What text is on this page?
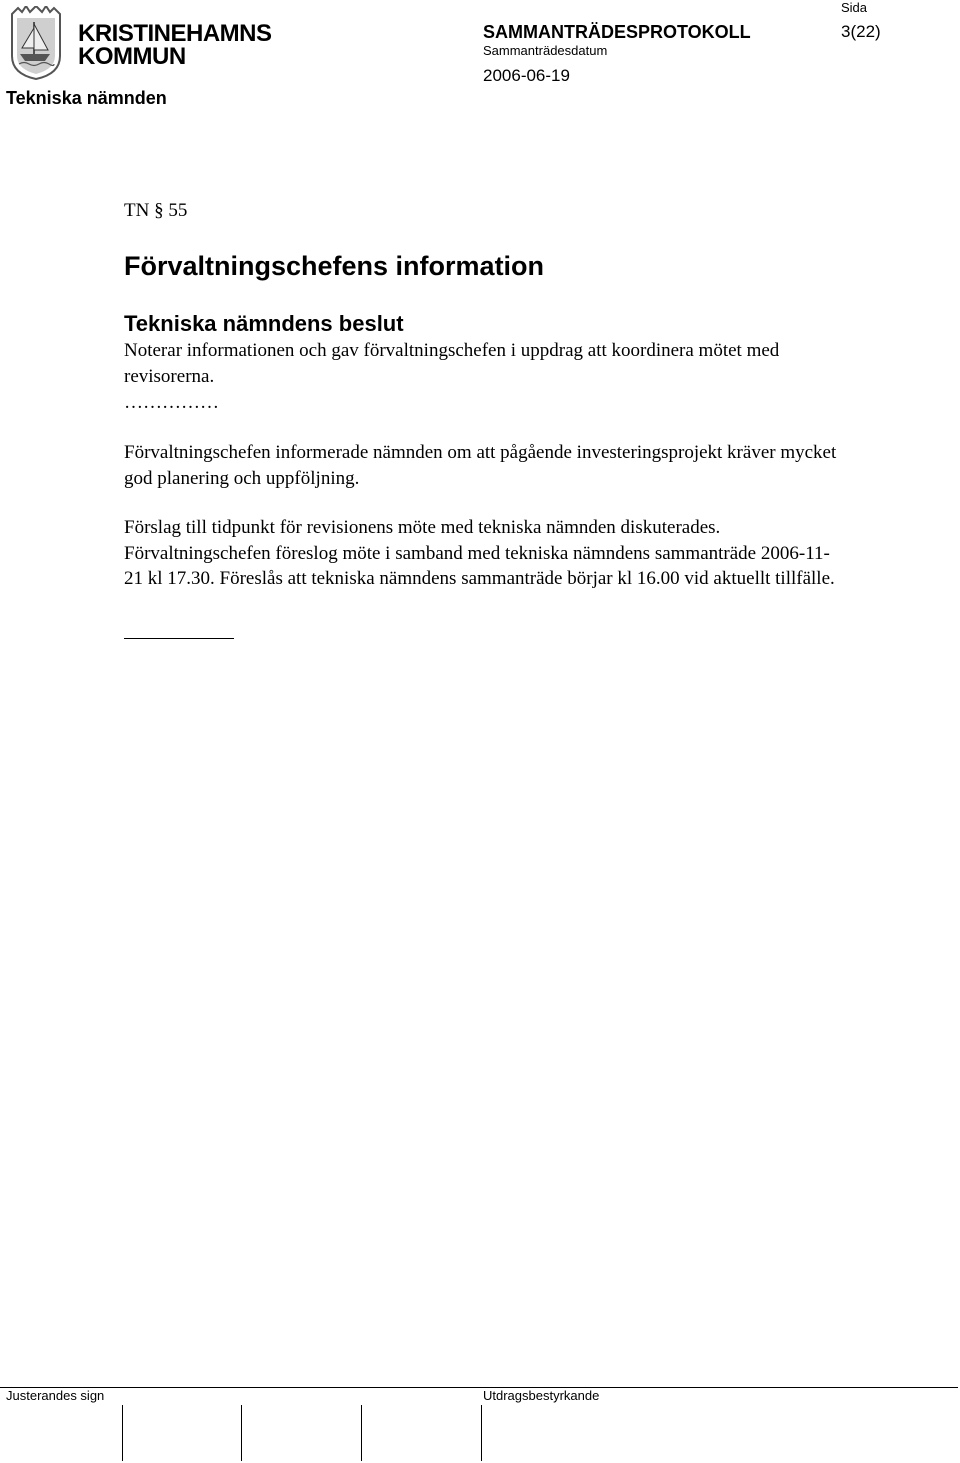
KRISTINEHAMNS
KOMMUN
Tekniska nämnden
Sida
SAMMANTRÄDESPROTOKOLL	3(22)
Sammanträdesdatum
2006-06-19
TN § 55
Förvaltningschefens information
Tekniska nämndens beslut
Noterar informationen och gav förvaltningschefen i uppdrag att koordinera mötet med revisorerna.
……………
Förvaltningschefen informerade nämnden om att pågående investeringsprojekt kräver mycket god planering och uppföljning.
Förslag till tidpunkt för revisionens möte med tekniska nämnden diskuterades. Förvaltningschefen föreslog möte i samband med tekniska nämndens sammanträde 2006-11-21 kl 17.30. Föreslås att tekniska nämndens sammanträde börjar kl 16.00 vid aktuellt tillfälle.
Justerandes sign	Utdragsbestyrkande
